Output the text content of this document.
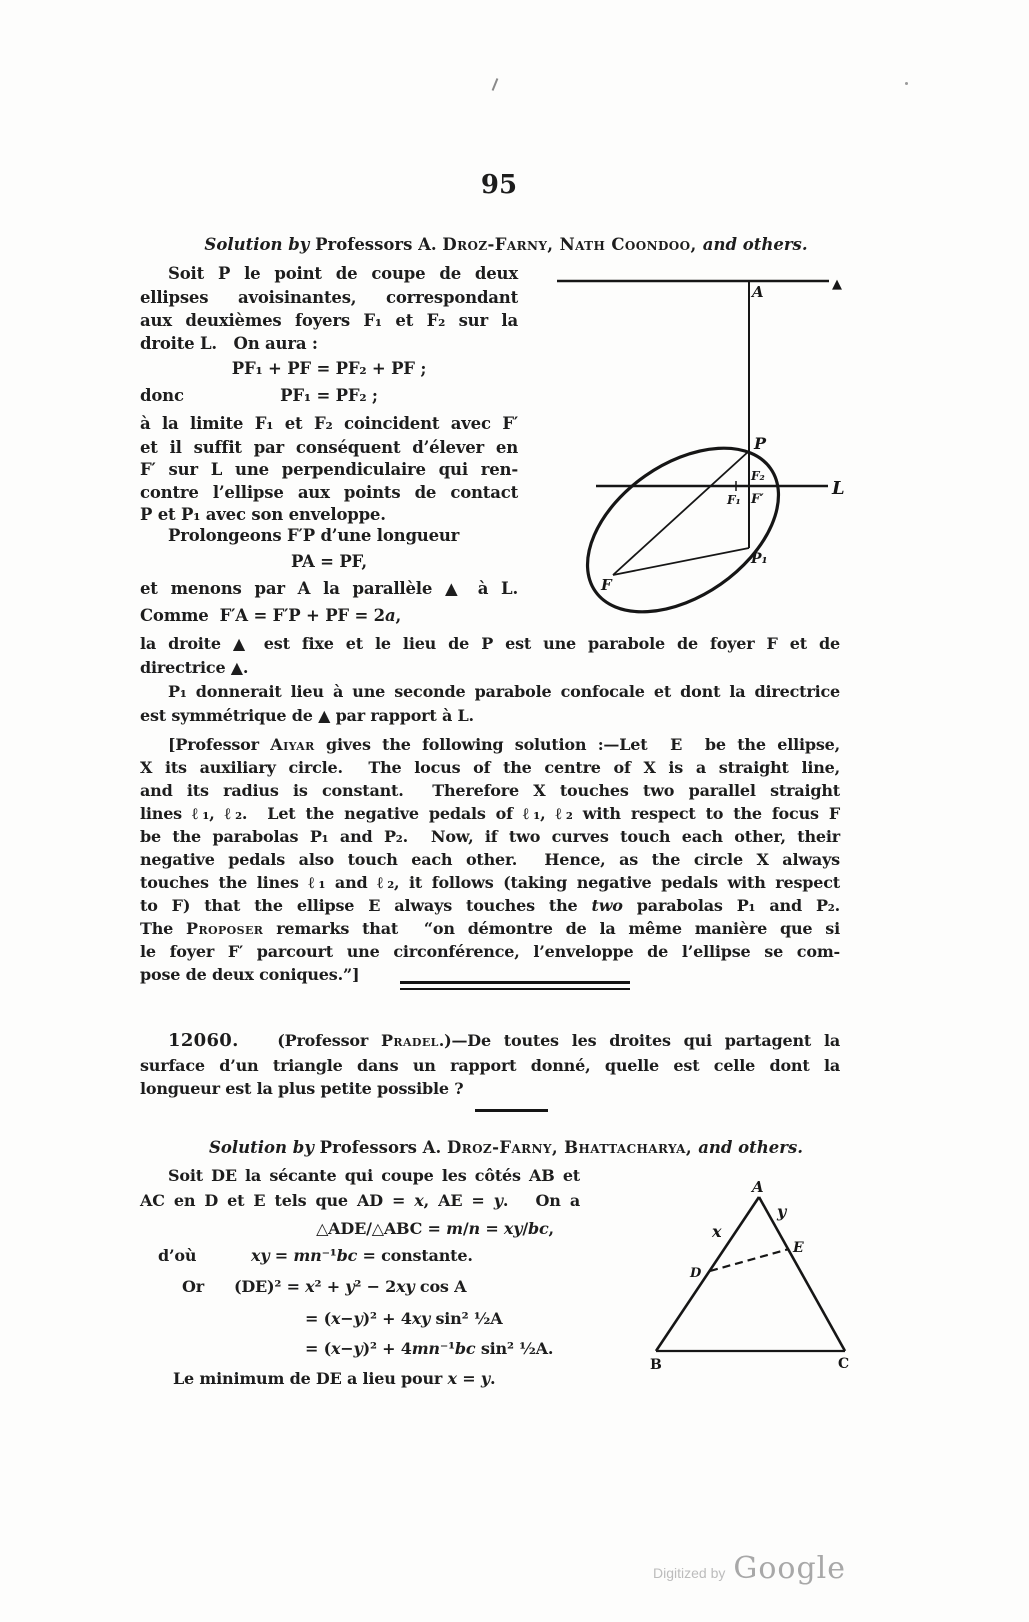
95
Solution by Professors A. Droz-Farny, Nath Coondoo, and others.
Soit P le point de coupe de deux
ellipses avoisinantes, correspondant
aux deuxièmes foyers F₁ et F₂ sur la
droite L.   On aura :
PF₁ + PF = PF₂ + PF ;
donc	PF₁ = PF₂ ;
à la limite F₁ et F₂ coincident avec F′
et il suffit par conséquent d’élever en
F′ sur L une perpendiculaire qui ren-
contre l’ellipse aux points de contact
P et P₁ avec son enveloppe.
Prolongeons F′P d’une longueur
PA = PF,
et menons par A la parallèle ▲ à L.
Comme  F′A = F′P + PF = 2a,
la droite ▲ est fixe et le lieu de P est une parabole de foyer F et de
directrice ▲.
P₁ donnerait lieu à une seconde parabole confocale et dont la directrice
est symmétrique de ▲ par rapport à L.
[Professor Aiyar gives the following solution :—Let  E  be the ellipse,
X its auxiliary circle.  The locus of the centre of X is a straight line,
and its radius is constant.  Therefore X touches two parallel straight
lines ℓ₁, ℓ₂.  Let the negative pedals of ℓ₁, ℓ₂ with respect to the focus F
be the parabolas P₁ and P₂.  Now, if two curves touch each other, their
negative pedals also touch each other.  Hence, as the circle X always
touches the lines ℓ₁ and ℓ₂, it follows (taking negative pedals with respect
to F) that the ellipse E always touches the two parabolas P₁ and P₂.
The Proposer remarks that  “on démontre de la même manière que si
le foyer F′ parcourt une circonférence, l’enveloppe de l’ellipse se com-
pose de deux coniques.”]
12060.   (Professor Pradel.)—De toutes les droites qui partagent la
surface d’un triangle dans un rapport donné, quelle est celle dont la
longueur est la plus petite possible ?
Solution by Professors A. Droz-Farny, Bhattacharya, and others.
Soit DE la sécante qui coupe les côtés AB et
AC en D et E tels que AD = x, AE = y.   On a
△ADE/△ABC = m/n = xy/bc,
d’où	xy = mn⁻¹bc = constante.
Or (DE)² = x² + y² − 2xy cos A
= (x−y)² + 4xy sin² ½A
= (x−y)² + 4mn⁻¹bc sin² ½A.
Le minimum de DE a lieu pour x = y.
▲
A
L
P
F₂
F₁ F′
P₁
F
A
x
y
D
E
B	C
Digitized by Google
